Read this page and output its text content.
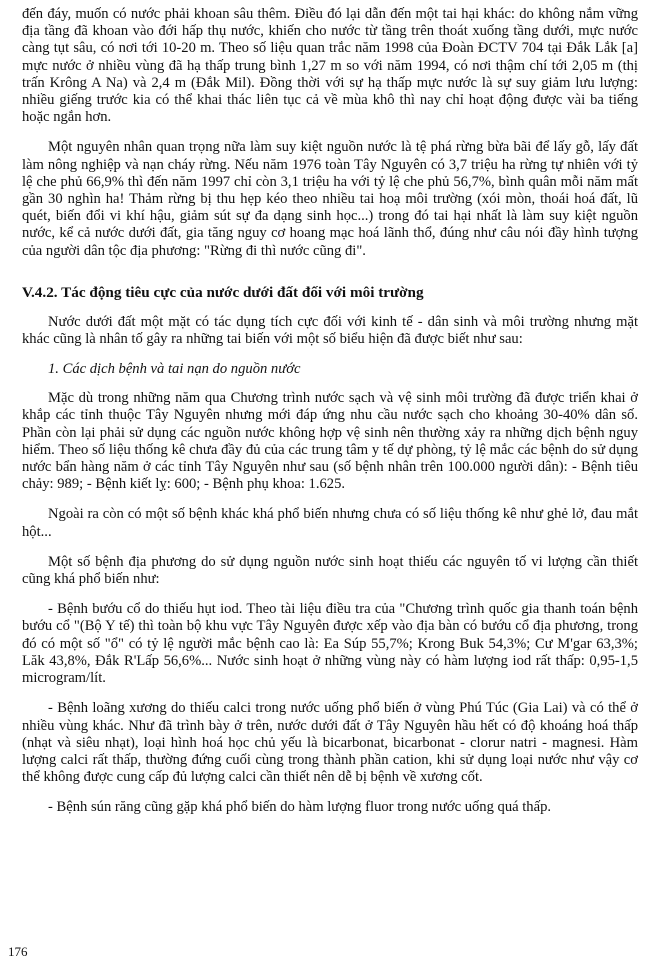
đến đáy, muốn có nước phải khoan sâu thêm. Điều đó lại dẫn đến một tai hại khác: do không nắm vững địa tầng đã khoan vào đới hấp thụ nước, khiến cho nước từ tầng trên thoát xuống tầng dưới, mực nước càng tụt sâu, có nơi tới 10-20 m. Theo số liệu quan trắc năm 1998 của Đoàn ĐCTV 704 tại Đắk Lắk [a] mực nước ở nhiều vùng đã hạ thấp trung bình 1,27 m so với năm 1994, có nơi thậm chí tới 2,05 m (thị trấn Krông A Na) và 2,4 m (Đắk Mil). Đồng thời với sự hạ thấp mực nước là sự suy giảm lưu lượng: nhiều giếng trước kia có thể khai thác liên tục cả về mùa khô thì nay chỉ hoạt động được vài ba tiếng hoặc ngắn hơn.

Một nguyên nhân quan trọng nữa làm suy kiệt nguồn nước là tệ phá rừng bừa bãi để lấy gỗ, lấy đất làm nông nghiệp và nạn cháy rừng. Nếu năm 1976 toàn Tây Nguyên có 3,7 triệu ha rừng tự nhiên với tỷ lệ che phủ 66,9% thì đến năm 1997 chỉ còn 3,1 triệu ha với tỷ lệ che phủ 56,7%, bình quân mỗi năm mất gần 30 nghìn ha! Thảm rừng bị thu hẹp kéo theo nhiều tai hoạ môi trường (xói mòn, thoái hoá đất, lũ quét, biến đổi vi khí hậu, giảm sút sự đa dạng sinh học...) trong đó tai hại nhất là làm suy kiệt nguồn nước, kể cả nước dưới đất, gia tăng nguy cơ hoang mạc hoá lãnh thổ, đúng như câu nói đầy hình tượng của người dân tộc địa phương: "Rừng đi thì nước cũng đi".

V.4.2. Tác động tiêu cực của nước dưới đất đối với môi trường

Nước dưới đất một mặt có tác dụng tích cực đối với kinh tế - dân sinh và môi trường nhưng mặt khác cũng là nhân tố gây ra những tai biến với một số biểu hiện đã được biết như sau:

1. Các dịch bệnh và tai nạn do nguồn nước

Mặc dù trong những năm qua Chương trình nước sạch và vệ sinh môi trường đã được triển khai ở khắp các tỉnh thuộc Tây Nguyên nhưng mới đáp ứng nhu cầu nước sạch cho khoảng 30-40% dân số. Phần còn lại phải sử dụng các nguồn nước không hợp vệ sinh nên thường xảy ra những dịch bệnh nguy hiểm. Theo số liệu thống kê chưa đầy đủ của các trung tâm y tế dự phòng, tỷ lệ mắc các bệnh do sử dụng nước bẩn hàng năm ở các tỉnh Tây Nguyên như sau (số bệnh nhân trên 100.000 người dân): - Bệnh tiêu chảy: 989; - Bệnh kiết lỵ: 600; - Bệnh phụ khoa: 1.625.

Ngoài ra còn có một số bệnh khác khá phổ biến nhưng chưa có số liệu thống kê như ghẻ lở, đau mắt hột...

Một số bệnh địa phương do sử dụng nguồn nước sinh hoạt thiếu các nguyên tố vi lượng cần thiết cũng khá phổ biến như:

- Bệnh bướu cổ do thiếu hụt iod. Theo tài liệu điều tra của "Chương trình quốc gia thanh toán bệnh bướu cổ "(Bộ Y tế) thì toàn bộ khu vực Tây Nguyên được xếp vào địa bàn có bướu cổ địa phương, trong đó có một số "ổ" có tỷ lệ người mắc bệnh cao là: Ea Súp 55,7%; Krong Buk 54,3%; Cư M'gar 63,3%; Lăk 43,8%, Đắk R'Lấp 56,6%... Nước sinh hoạt ở những vùng này có hàm lượng iod rất thấp: 0,95-1,5 microgram/lít.

- Bệnh loãng xương do thiếu calci trong nước uống phổ biến ở vùng Phú Túc (Gia Lai) và có thể ở nhiều vùng khác. Như đã trình bày ở trên, nước dưới đất ở Tây Nguyên hầu hết có độ khoáng hoá thấp (nhạt và siêu nhạt), loại hình hoá học chủ yếu là bicarbonat, bicarbonat - clorur natri - magnesi. Hàm lượng calci rất thấp, thường đứng cuối cùng trong thành phần cation, khi sử dụng loại nước như vậy cơ thể không được cung cấp đủ lượng calci cần thiết nên dễ bị bệnh về xương cốt.

- Bệnh sún răng cũng gặp khá phổ biến do hàm lượng fluor trong nước uống quá thấp.

176
